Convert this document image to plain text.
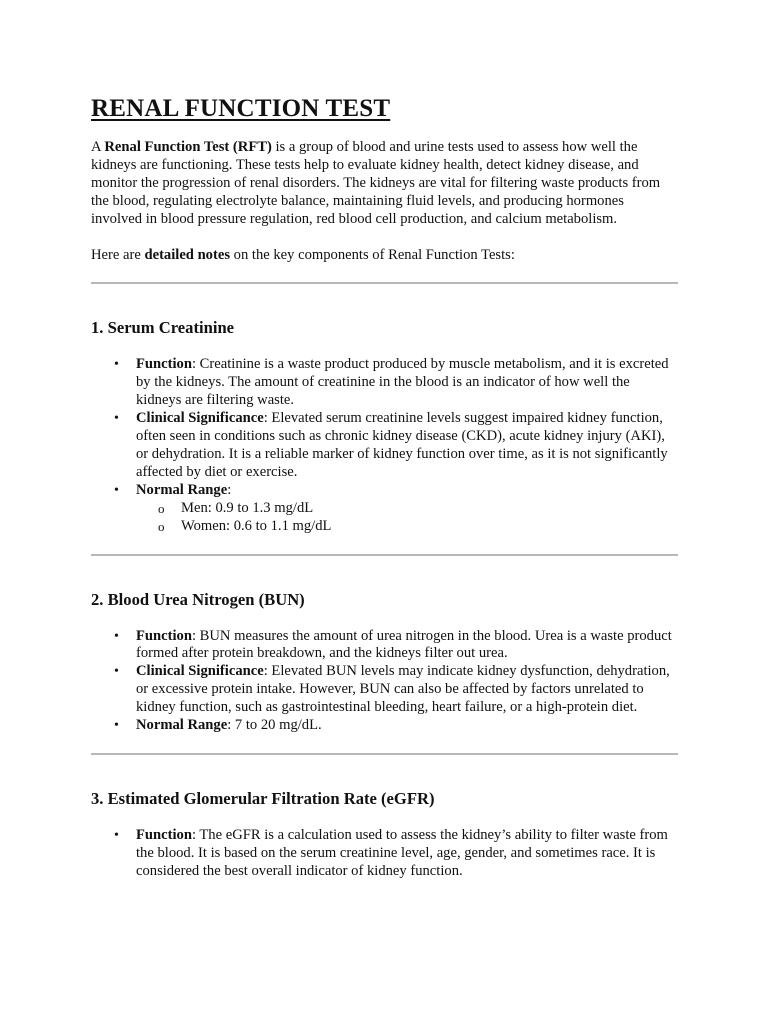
RENAL FUNCTION TEST

A Renal Function Test (RFT) is a group of blood and urine tests used to assess how well the kidneys are functioning. These tests help to evaluate kidney health, detect kidney disease, and monitor the progression of renal disorders. The kidneys are vital for filtering waste products from the blood, regulating electrolyte balance, maintaining fluid levels, and producing hormones involved in blood pressure regulation, red blood cell production, and calcium metabolism.

Here are detailed notes on the key components of Renal Function Tests:

1. Serum Creatinine
• Function: Creatinine is a waste product produced by muscle metabolism, and it is excreted by the kidneys. The amount of creatinine in the blood is an indicator of how well the kidneys are filtering waste.
• Clinical Significance: Elevated serum creatinine levels suggest impaired kidney function, often seen in conditions such as chronic kidney disease (CKD), acute kidney injury (AKI), or dehydration. It is a reliable marker of kidney function over time, as it is not significantly affected by diet or exercise.
• Normal Range:
o Men: 0.9 to 1.3 mg/dL
o Women: 0.6 to 1.1 mg/dL
2. Blood Urea Nitrogen (BUN)
• Function: BUN measures the amount of urea nitrogen in the blood. Urea is a waste product formed after protein breakdown, and the kidneys filter out urea.
• Clinical Significance: Elevated BUN levels may indicate kidney dysfunction, dehydration, or excessive protein intake. However, BUN can also be affected by factors unrelated to kidney function, such as gastrointestinal bleeding, heart failure, or a high-protein diet.
• Normal Range: 7 to 20 mg/dL.
3. Estimated Glomerular Filtration Rate (eGFR)
• Function: The eGFR is a calculation used to assess the kidney’s ability to filter waste from the blood. It is based on the serum creatinine level, age, gender, and sometimes race. It is considered the best overall indicator of kidney function.
